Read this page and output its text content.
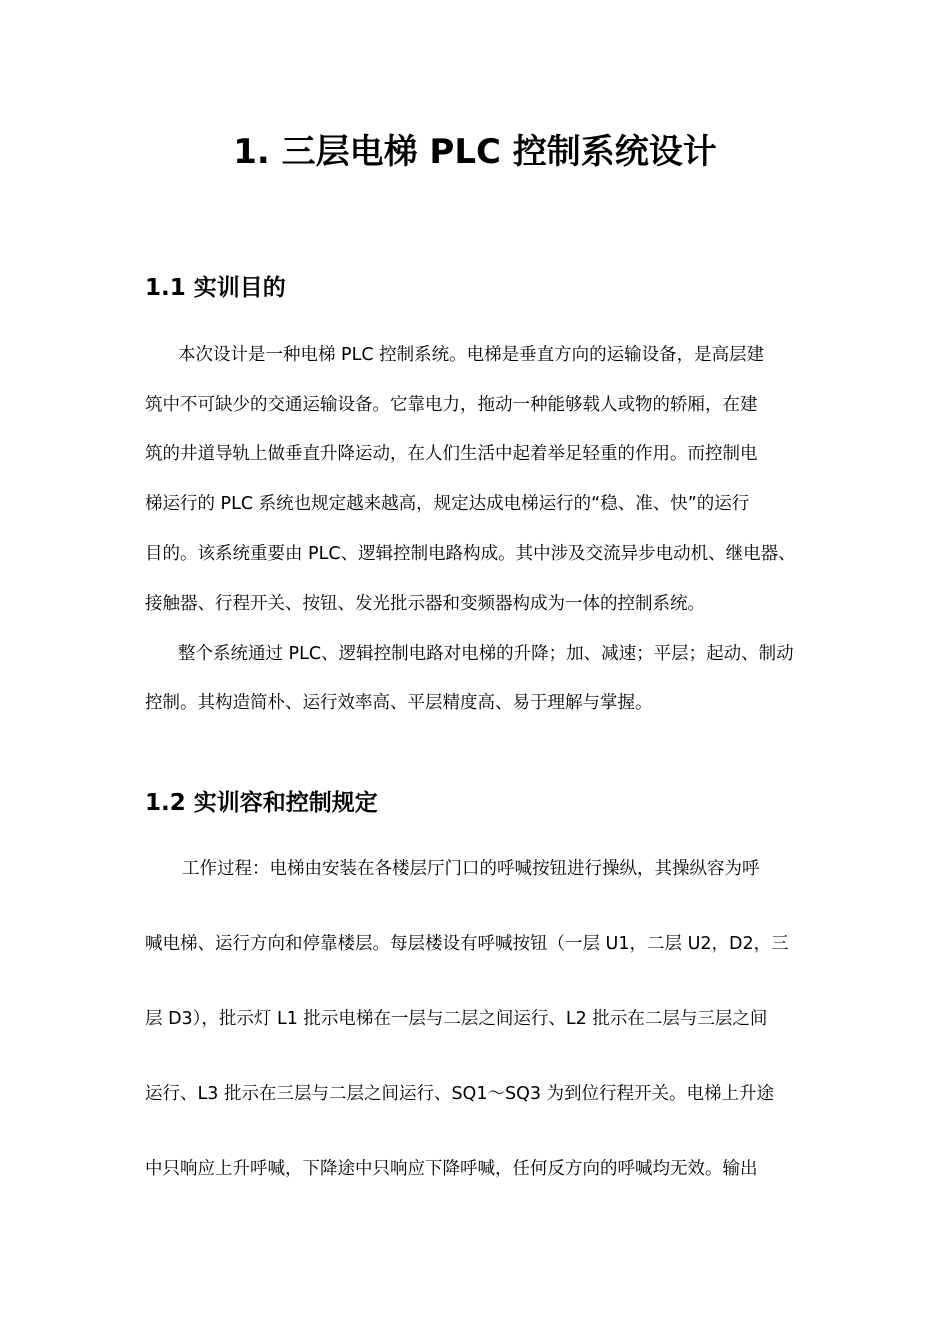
1. 三层电梯 PLC 控制系统设计
1.1 实训目的
本次设计是一种电梯 PLC 控制系统。电梯是垂直方向的运输设备，是高层建
筑中不可缺少的交通运输设备。它靠电力，拖动一种能够载人或物的轿厢，在建
筑的井道导轨上做垂直升降运动，在人们生活中起着举足轻重的作用。而控制电
梯运行的 PLC 系统也规定越来越高，规定达成电梯运行的“稳、准、快”的运行
目的。该系统重要由 PLC、逻辑控制电路构成。其中涉及交流异步电动机、继电器、
接触器、行程开关、按钮、发光批示器和变频器构成为一体的控制系统。
整个系统通过 PLC、逻辑控制电路对电梯的升降；加、减速；平层；起动、制动
控制。其构造简朴、运行效率高、平层精度高、易于理解与掌握。
1.2 实训容和控制规定
工作过程：电梯由安装在各楼层厅门口的呼喊按钮进行操纵，其操纵容为呼
喊电梯、运行方向和停靠楼层。每层楼设有呼喊按钮（一层 U1，二层 U2，D2，三
层 D3），批示灯 L1 批示电梯在一层与二层之间运行、L2 批示在二层与三层之间
运行、L3 批示在三层与二层之间运行、SQ1～SQ3 为到位行程开关。电梯上升途
中只响应上升呼喊，下降途中只响应下降呼喊，任何反方向的呼喊均无效。输出
